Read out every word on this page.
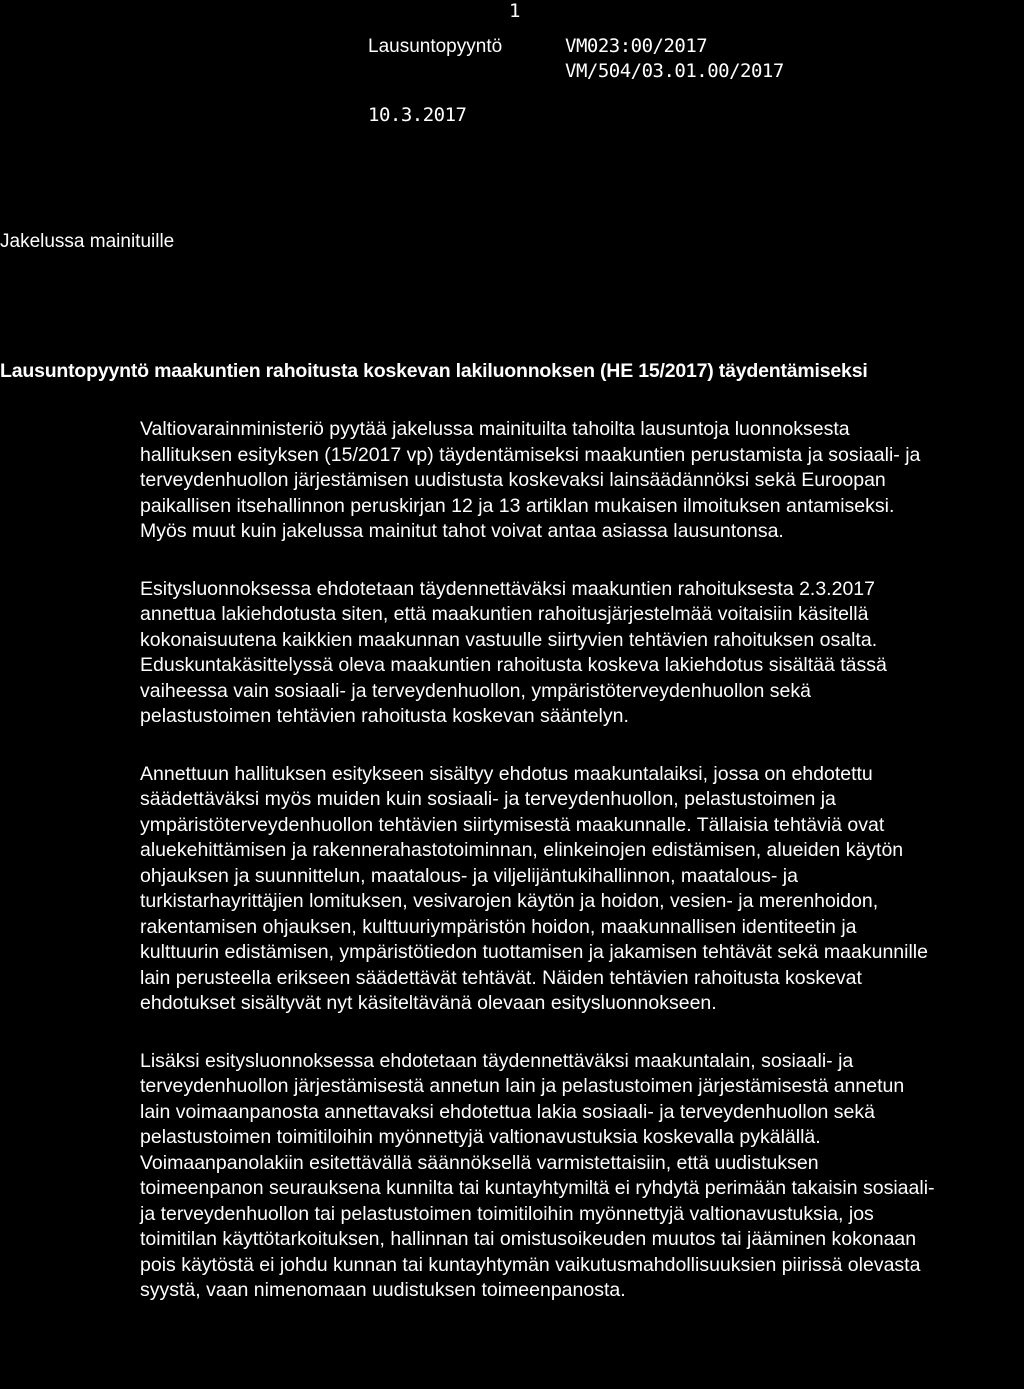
1
Lausuntopyyntö	VM023:00/2017
VM/504/03.01.00/2017
10.3.2017
Jakelussa mainituille
Lausuntopyyntö maakuntien rahoitusta koskevan lakiluonnoksen (HE 15/2017) täydentämiseksi
Valtiovarainministeriö pyytää jakelussa mainituilta tahoilta lausuntoja luonnoksesta
hallituksen esityksen (15/2017 vp) täydentämiseksi maakuntien perustamista ja sosiaali- ja
terveydenhuollon järjestämisen uudistusta koskevaksi lainsäädännöksi sekä Euroopan
paikallisen itsehallinnon peruskirjan 12 ja 13 artiklan mukaisen ilmoituksen antamiseksi.
Myös muut kuin jakelussa mainitut tahot voivat antaa asiassa lausuntonsa.
Esitysluonnoksessa ehdotetaan täydennettäväksi maakuntien rahoituksesta 2.3.2017
annettua lakiehdotusta siten, että maakuntien rahoitusjärjestelmää voitaisiin käsitellä
kokonaisuutena kaikkien maakunnan vastuulle siirtyvien tehtävien rahoituksen osalta.
Eduskuntakäsittelyssä oleva maakuntien rahoitusta koskeva lakiehdotus sisältää tässä
vaiheessa vain sosiaali- ja terveydenhuollon, ympäristöterveydenhuollon sekä
pelastustoimen tehtävien rahoitusta koskevan sääntelyn.
Annettuun hallituksen esitykseen sisältyy ehdotus maakuntalaiksi, jossa on ehdotettu
säädettäväksi myös muiden kuin sosiaali- ja terveydenhuollon, pelastustoimen ja
ympäristöterveydenhuollon tehtävien siirtymisestä maakunnalle. Tällaisia tehtäviä ovat
aluekehittämisen ja rakennerahastotoiminnan, elinkeinojen edistämisen, alueiden käytön
ohjauksen ja suunnittelun, maatalous- ja viljelijäntukihallinnon, maatalous- ja
turkistarhayrittäjien lomituksen, vesivarojen käytön ja hoidon, vesien- ja merenhoidon,
rakentamisen ohjauksen, kulttuuriympäristön hoidon, maakunnallisen identiteetin ja
kulttuurin edistämisen, ympäristötiedon tuottamisen ja jakamisen tehtävät sekä maakunnille
lain perusteella erikseen säädettävät tehtävät. Näiden tehtävien rahoitusta koskevat
ehdotukset sisältyvät nyt käsiteltävänä olevaan esitysluonnokseen.
Lisäksi esitysluonnoksessa ehdotetaan täydennettäväksi maakuntalain, sosiaali- ja
terveydenhuollon järjestämisestä annetun lain ja pelastustoimen järjestämisestä annetun
lain voimaanpanosta annettavaksi ehdotettua lakia sosiaali- ja terveydenhuollon sekä
pelastustoimen toimitiloihin myönnettyjä valtionavustuksia koskevalla pykälällä.
Voimaanpanolakiin esitettävällä säännöksellä varmistettaisiin, että uudistuksen
toimeenpanon seurauksena kunnilta tai kuntayhtymiltä ei ryhdytä perimään takaisin sosiaali-
ja terveydenhuollon tai pelastustoimen toimitiloihin myönnettyjä valtionavustuksia, jos
toimitilan käyttötarkoituksen, hallinnan tai omistusoikeuden muutos tai jääminen kokonaan
pois käytöstä ei johdu kunnan tai kuntayhtymän vaikutusmahdollisuuksien piirissä olevasta
syystä, vaan nimenomaan uudistuksen toimeenpanosta.
